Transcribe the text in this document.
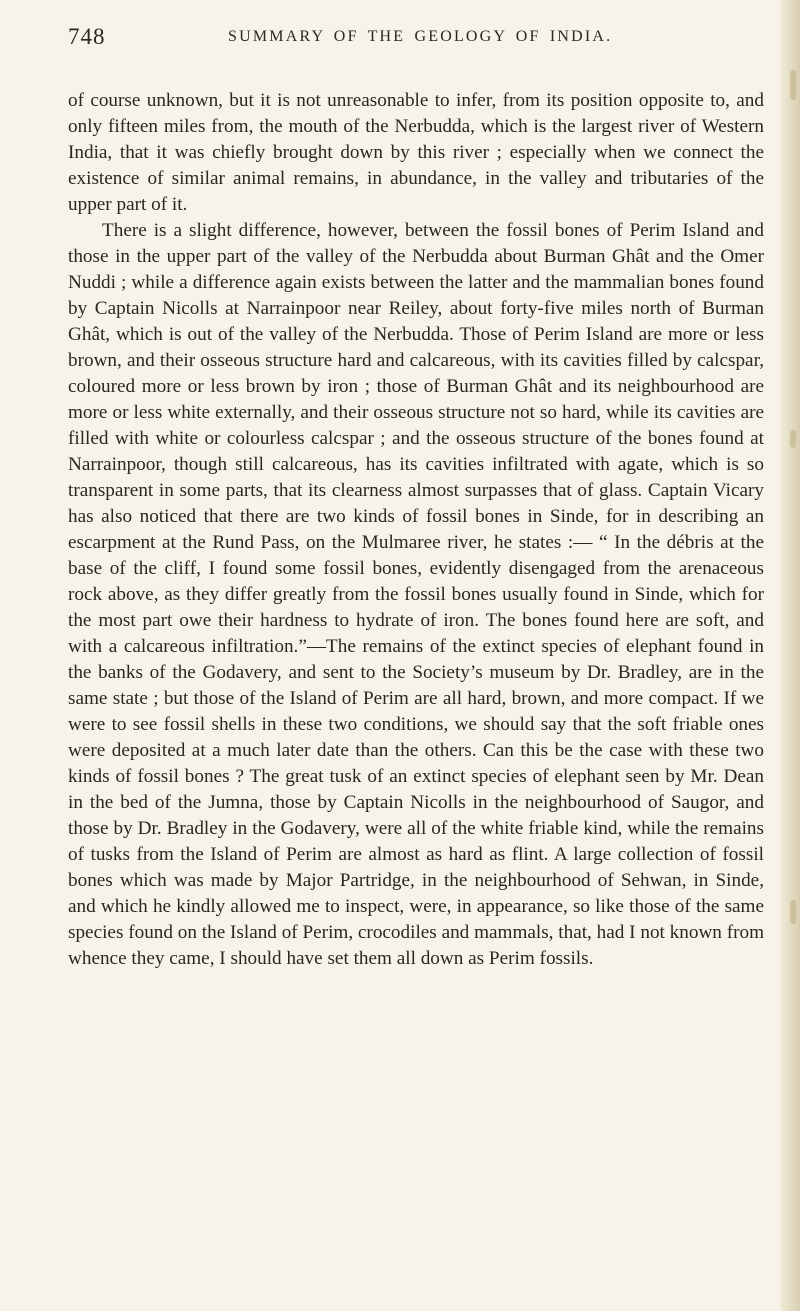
748	SUMMARY OF THE GEOLOGY OF INDIA.

of course unknown, but it is not unreasonable to infer, from its position opposite to, and only fifteen miles from, the mouth of the Nerbudda, which is the largest river of Western India, that it was chiefly brought down by this river ; especially when we connect the existence of similar animal remains, in abundance, in the valley and tributaries of the upper part of it.

There is a slight difference, however, between the fossil bones of Perim Island and those in the upper part of the valley of the Nerbudda about Burman Ghât and the Omer Nuddi ; while a difference again exists between the latter and the mammalian bones found by Captain Nicolls at Narrainpoor near Reiley, about forty-five miles north of Burman Ghât, which is out of the valley of the Nerbudda. Those of Perim Island are more or less brown, and their osseous structure hard and calcareous, with its cavities filled by calcspar, coloured more or less brown by iron ; those of Burman Ghât and its neighbourhood are more or less white externally, and their osseous structure not so hard, while its cavities are filled with white or colourless calcspar ; and the osseous structure of the bones found at Narrainpoor, though still calcareous, has its cavities infiltrated with agate, which is so transparent in some parts, that its clearness almost surpasses that of glass. Captain Vicary has also noticed that there are two kinds of fossil bones in Sinde, for in describing an escarpment at the Rund Pass, on the Mulmaree river, he states :— “ In the débris at the base of the cliff, I found some fossil bones, evidently disengaged from the arenaceous rock above, as they differ greatly from the fossil bones usually found in Sinde, which for the most part owe their hardness to hydrate of iron. The bones found here are soft, and with a calcareous infiltration.”—The remains of the extinct species of elephant found in the banks of the Godavery, and sent to the Society’s museum by Dr. Bradley, are in the same state ; but those of the Island of Perim are all hard, brown, and more compact. If we were to see fossil shells in these two conditions, we should say that the soft friable ones were deposited at a much later date than the others. Can this be the case with these two kinds of fossil bones ? The great tusk of an extinct species of elephant seen by Mr. Dean in the bed of the Jumna, those by Captain Nicolls in the neighbourhood of Saugor, and those by Dr. Bradley in the Godavery, were all of the white friable kind, while the remains of tusks from the Island of Perim are almost as hard as flint. A large collection of fossil bones which was made by Major Partridge, in the neighbourhood of Sehwan, in Sinde, and which he kindly allowed me to inspect, were, in appearance, so like those of the same species found on the Island of Perim, crocodiles and mammals, that, had I not known from whence they came, I should have set them all down as Perim fossils.
